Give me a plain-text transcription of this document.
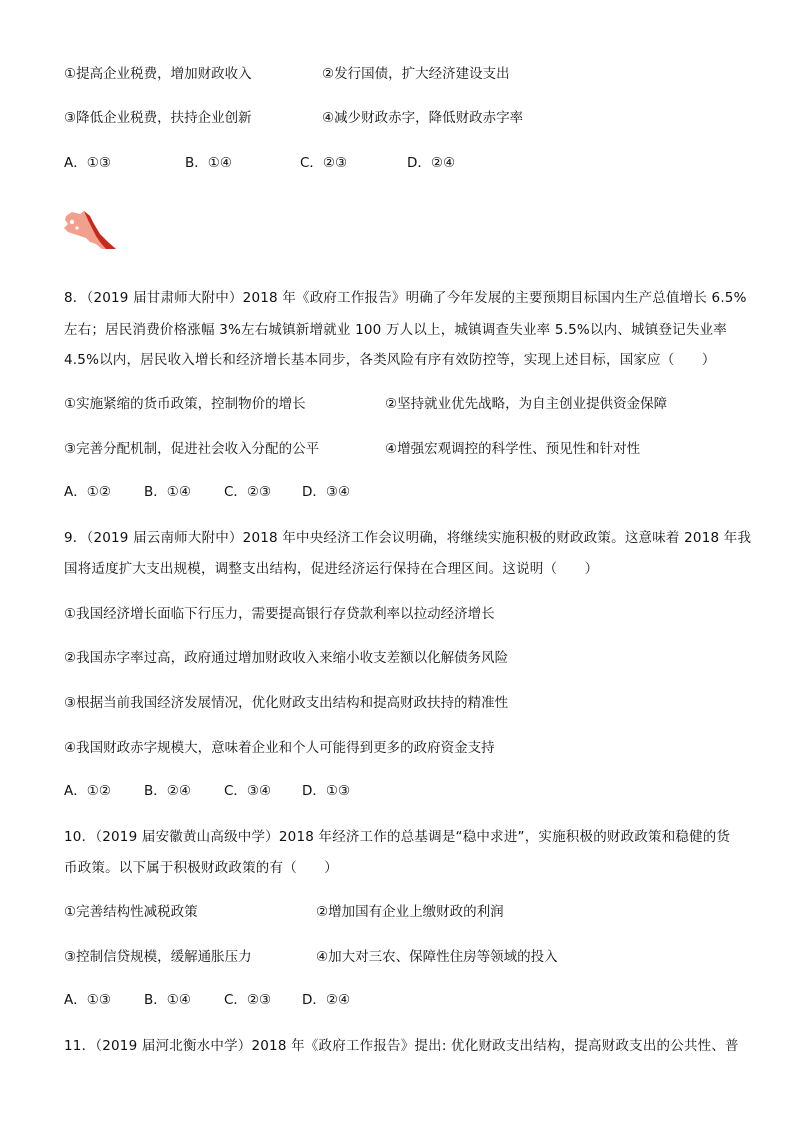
①提高企业税费，增加财政收入	②发行国债，扩大经济建设支出
③降低企业税费，扶持企业创新	④减少财政赤字，降低财政赤字率
A．①③	B．①④	C．②③	D．②④
8．（2019 届甘肃师大附中）2018 年《政府工作报告》明确了今年发展的主要预期目标国内生产总值增长 6.5%
左右；居民消费价格涨幅 3%左右城镇新增就业 100 万人以上，城镇调查失业率 5.5%以内、城镇登记失业率
4.5%以内，居民收入增长和经济增长基本同步，各类风险有序有效防控等，实现上述目标，国家应（　　）
①实施紧缩的货币政策，控制物价的增长	②坚持就业优先战略，为自主创业提供资金保障
③完善分配机制，促进社会收入分配的公平	④增强宏观调控的科学性、预见性和针对性
A．①② B．①④ C．②③ D．③④
9．（2019 届云南师大附中）2018 年中央经济工作会议明确，将继续实施积极的财政政策。这意味着 2018 年我
国将适度扩大支出规模，调整支出结构，促进经济运行保持在合理区间。这说明（　　）
①我国经济增长面临下行压力，需要提高银行存贷款利率以拉动经济增长
②我国赤字率过高，政府通过增加财政收入来缩小收支差额以化解债务风险
③根据当前我国经济发展情况，优化财政支出结构和提高财政扶持的精准性
④我国财政赤字规模大，意味着企业和个人可能得到更多的政府资金支持
A．①② B．②④ C．③④ D．①③
10．（2019 届安徽黄山高级中学）2018 年经济工作的总基调是“稳中求进”，实施积极的财政政策和稳健的货
币政策。以下属于积极财政政策的有（　　）
①完善结构性减税政策	②增加国有企业上缴财政的利润
③控制信贷规模，缓解通胀压力	④加大对三农、保障性住房等领域的投入
A．①③ B．①④ C．②③ D．②④
11．（2019 届河北衡水中学）2018 年《政府工作报告》提出: 优化财政支出结构，提高财政支出的公共性、普
